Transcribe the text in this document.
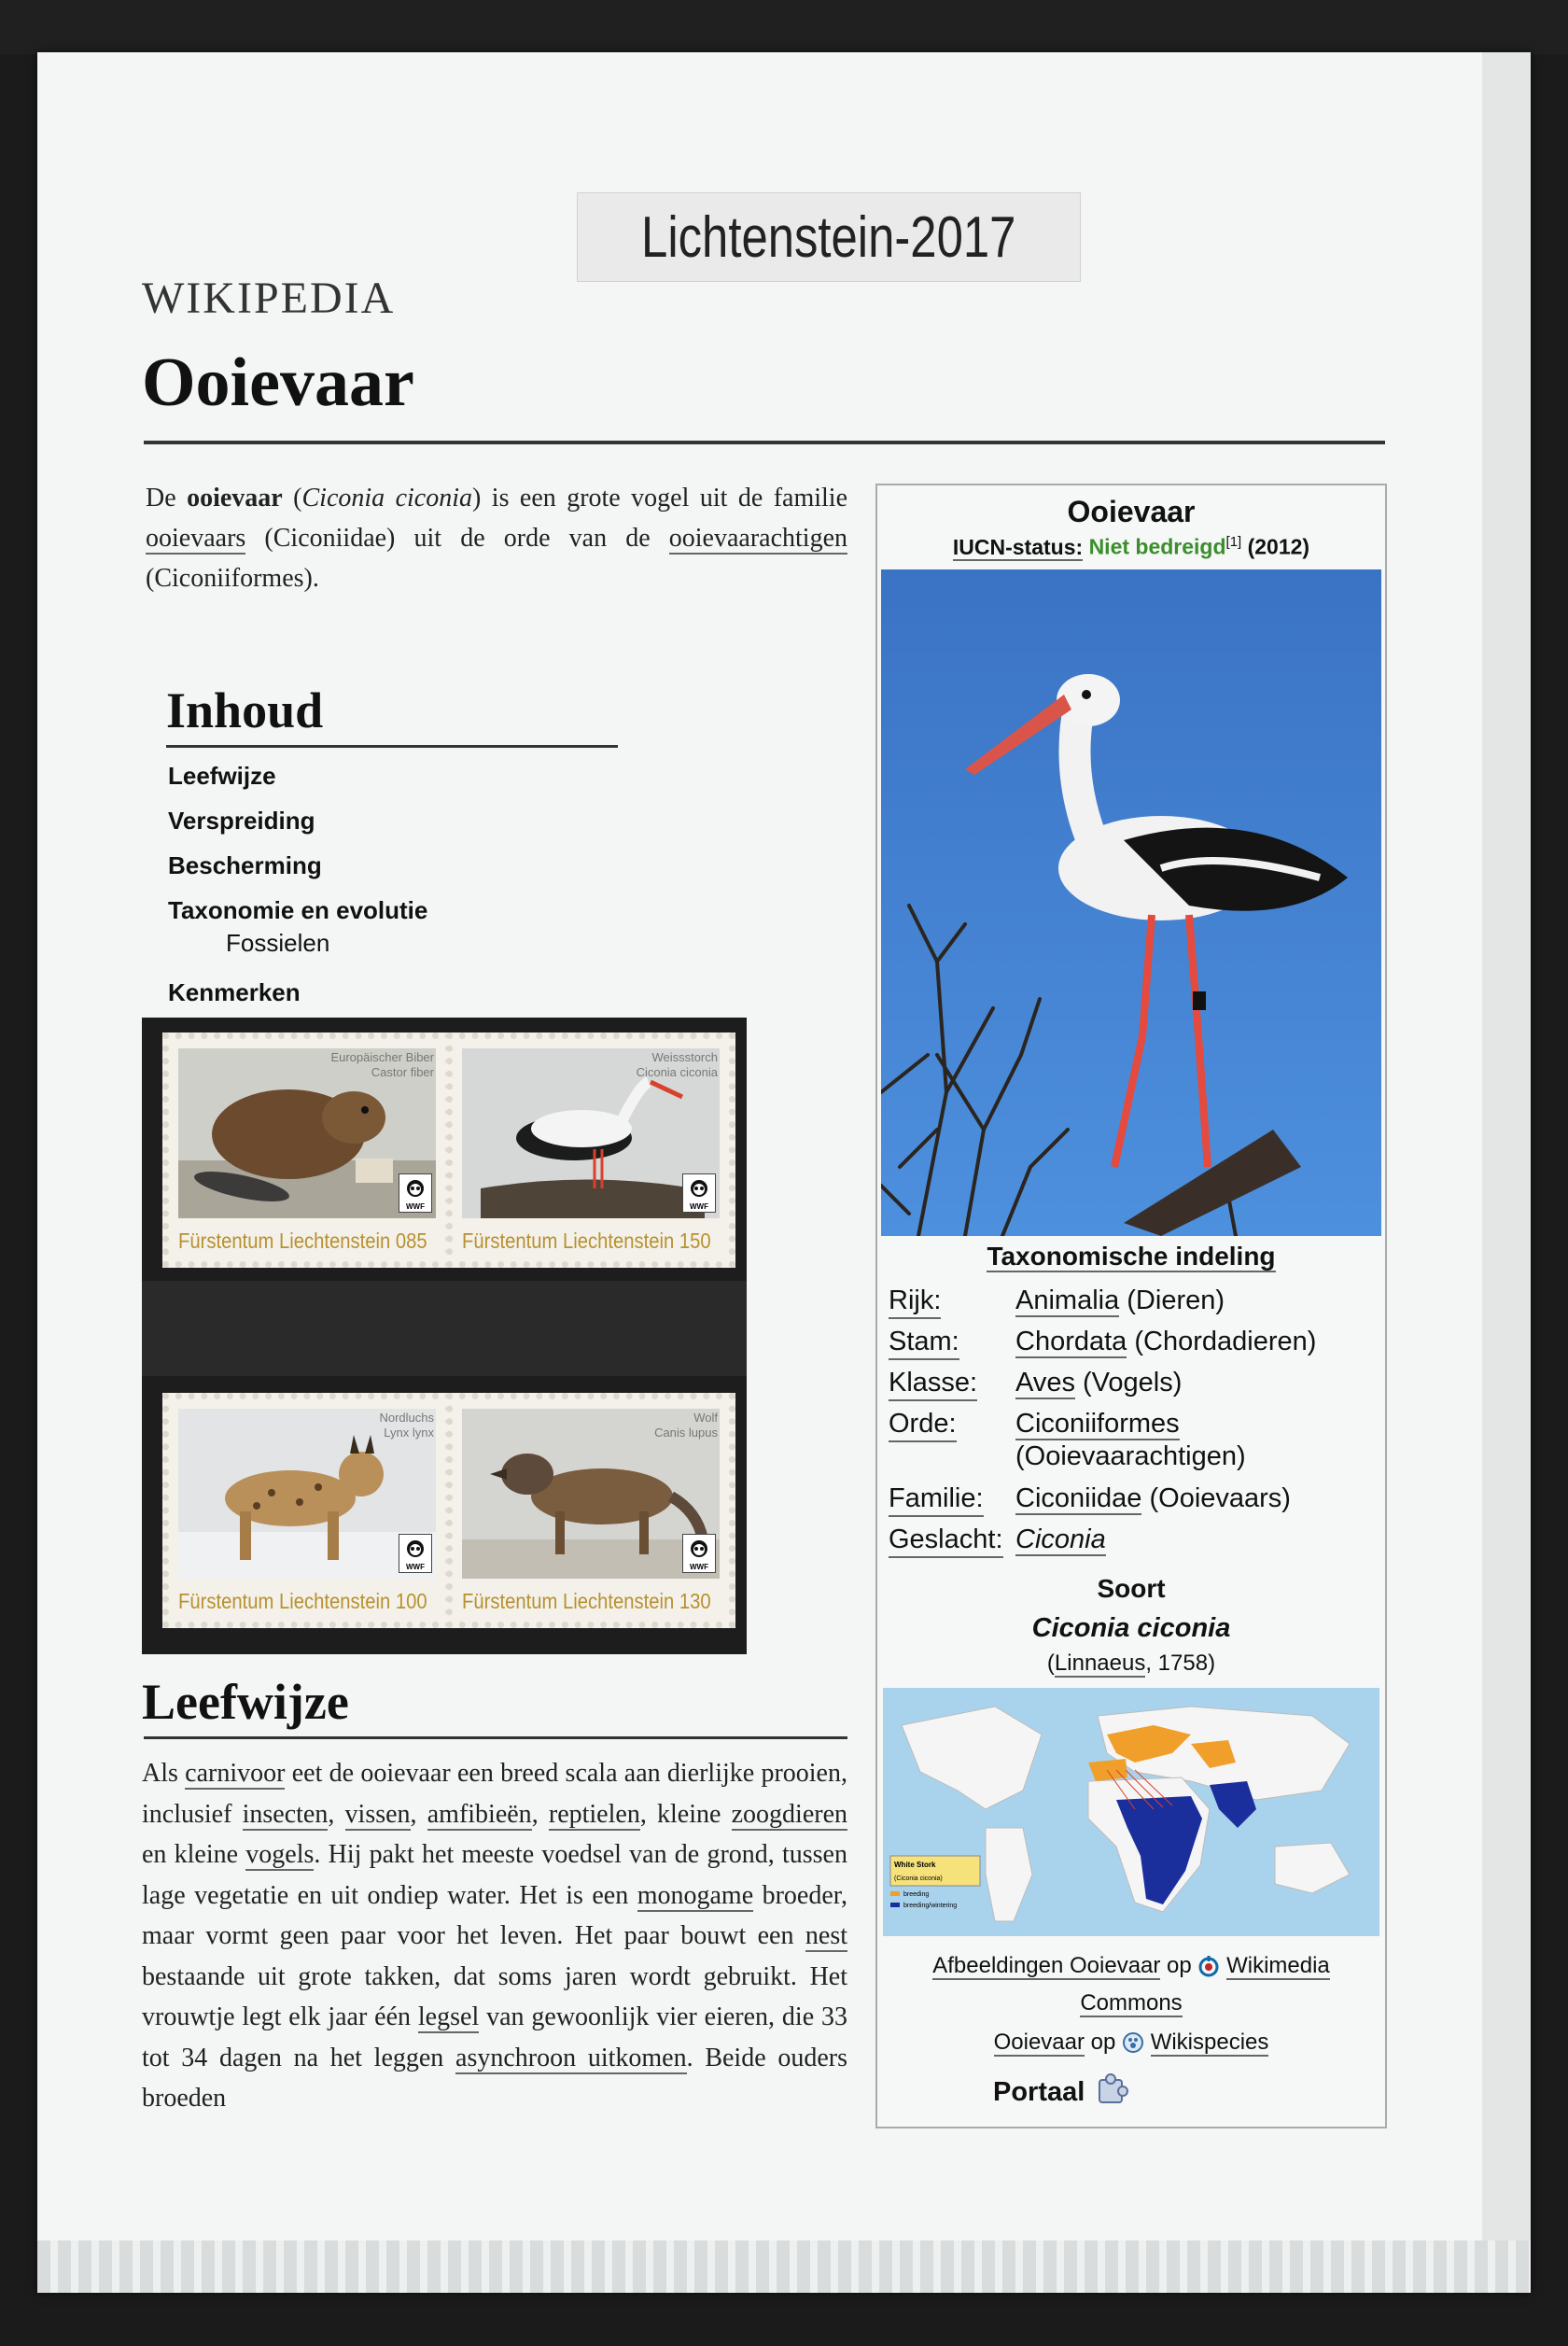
Lichtenstein-2017
WIKIPEDIA
Ooievaar
De ooievaar (Ciconia ciconia) is een grote vogel uit de familie ooievaars (Ciconiidae) uit de orde van de ooievaarachtigen (Ciconiiformes).
Inhoud
Leefwijze
Verspreiding
Bescherming
Taxonomie en evolutie
Fossielen
Kenmerken
Europäischer Biber
Castor fiber
WWF
Fürstentum Liechtenstein 085
Weissstorch
Ciconia ciconia
WWF
Fürstentum Liechtenstein 150
Nordluchs
Lynx lynx
WWF
Fürstentum Liechtenstein 100
Wolf
Canis lupus
WWF
Fürstentum Liechtenstein 130
Leefwijze
Als carnivoor eet de ooievaar een breed scala aan dierlijke prooien, inclusief insecten, vissen, amfibieën, reptielen, kleine zoogdieren en kleine vogels. Hij pakt het meeste voedsel van de grond, tussen lage vegetatie en uit ondiep water. Het is een monogame broeder, maar vormt geen paar voor het leven. Het paar bouwt een nest bestaande uit grote takken, dat soms jaren wordt gebruikt. Het vrouwtje legt elk jaar één legsel van gewoonlijk vier eieren, die 33 tot 34 dagen na het leggen asynchroon uitkomen. Beide ouders broeden
Ooievaar
IUCN-status: Niet bedreigd[1] (2012)
Taxonomische indeling
Rijk:	Animalia (Dieren)
Stam: Chordata (Chordadieren)
Klasse: Aves (Vogels)
Orde: Ciconiiformes
(Ooievaarachtigen)
Familie: Ciconiidae (Ooievaars)
Geslacht: Ciconia
Soort
Ciconia ciconia
(Linnaeus, 1758)
White Stork
(Ciconia ciconia)
breeding
breeding/wintering
Afbeeldingen Ooievaar op  Wikimedia
Commons
Ooievaar op  Wikispecies
Portaal
